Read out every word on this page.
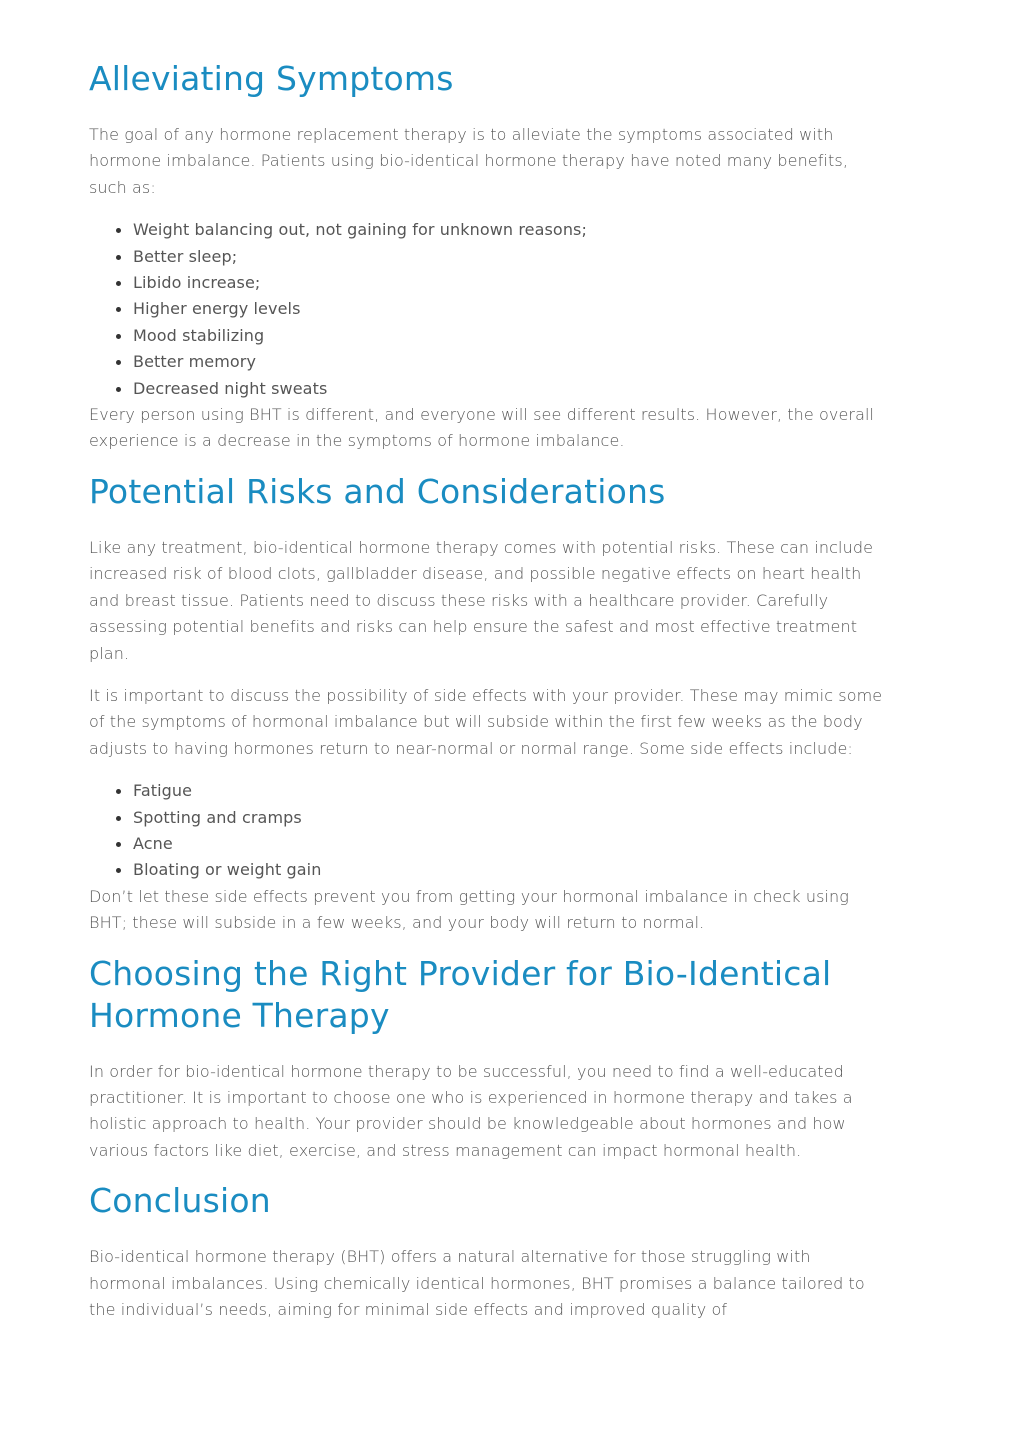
Alleviating Symptoms

The goal of any hormone replacement therapy is to alleviate the symptoms associated with hormone imbalance. Patients using bio-identical hormone therapy have noted many benefits, such as:

Weight balancing out, not gaining for unknown reasons;
Better sleep;
Libido increase;
Higher energy levels
Mood stabilizing
Better memory
Decreased night sweats

Every person using BHT is different, and everyone will see different results. However, the overall experience is a decrease in the symptoms of hormone imbalance.

Potential Risks and Considerations

Like any treatment, bio-identical hormone therapy comes with potential risks. These can include increased risk of blood clots, gallbladder disease, and possible negative effects on heart health and breast tissue. Patients need to discuss these risks with a healthcare provider. Carefully assessing potential benefits and risks can help ensure the safest and most effective treatment plan.

It is important to discuss the possibility of side effects with your provider. These may mimic some of the symptoms of hormonal imbalance but will subside within the first few weeks as the body adjusts to having hormones return to near-normal or normal range. Some side effects include:

Fatigue
Spotting and cramps
Acne
Bloating or weight gain

Don’t let these side effects prevent you from getting your hormonal imbalance in check using BHT; these will subside in a few weeks, and your body will return to normal.

Choosing the Right Provider for Bio-Identical Hormone Therapy

In order for bio-identical hormone therapy to be successful, you need to find a well-educated practitioner. It is important to choose one who is experienced in hormone therapy and takes a holistic approach to health. Your provider should be knowledgeable about hormones and how various factors like diet, exercise, and stress management can impact hormonal health.

Conclusion

Bio-identical hormone therapy (BHT) offers a natural alternative for those struggling with hormonal imbalances. Using chemically identical hormones, BHT promises a balance tailored to the individual’s needs, aiming for minimal side effects and improved quality of
